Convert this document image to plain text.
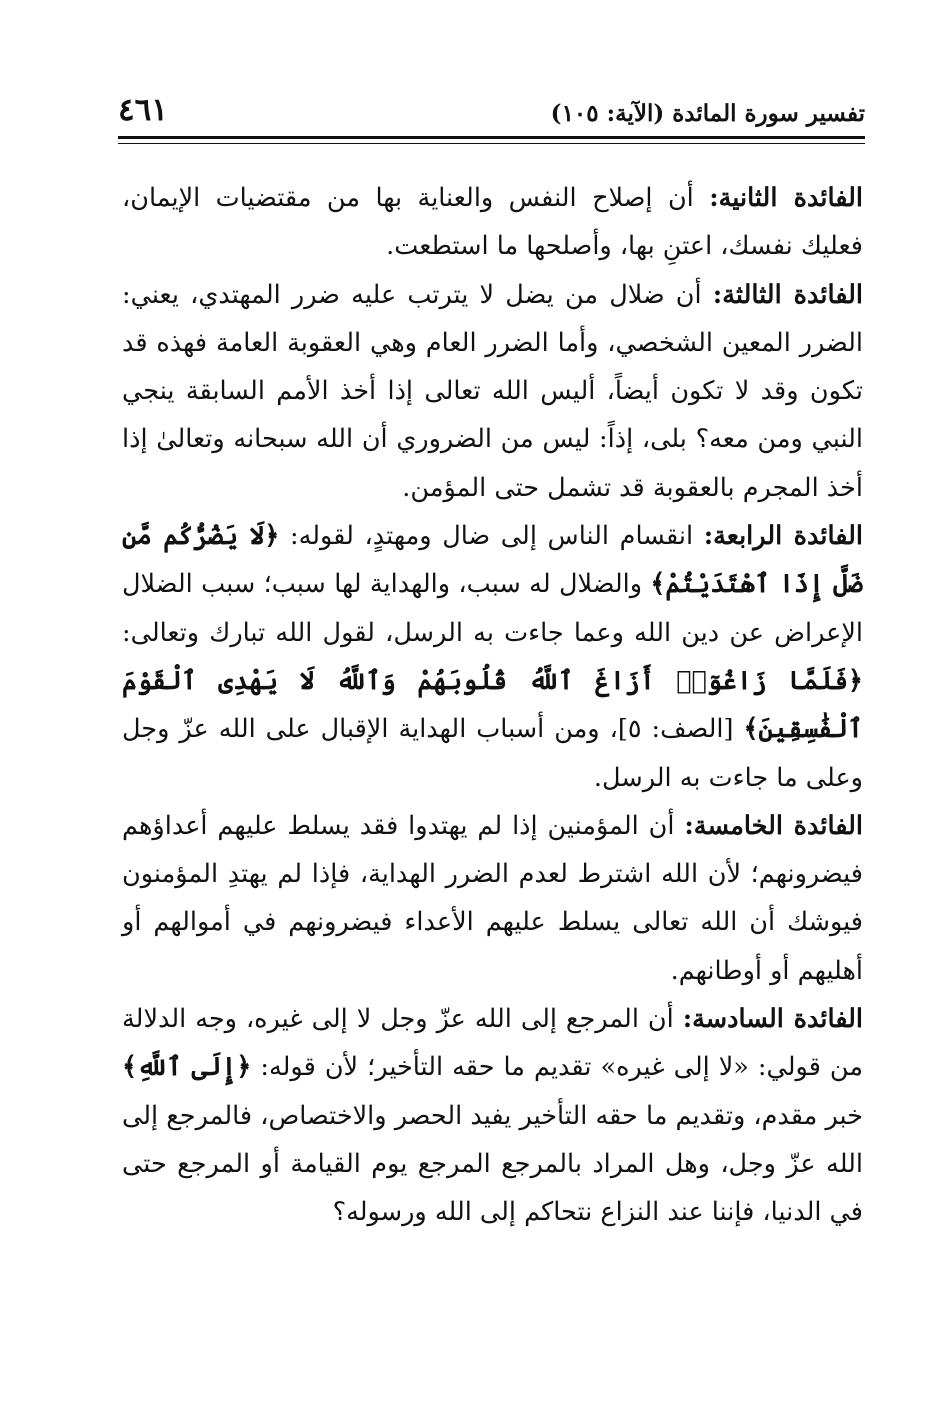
تفسير سورة المائدة (الآية: ١٠٥)
٤٦١

الفائدة الثانية: أن إصلاح النفس والعناية بها من مقتضيات الإيمان، فعليك نفسك، اعتنِ بها، وأصلحها ما استطعت.

الفائدة الثالثة: أن ضلال من يضل لا يترتب عليه ضرر المهتدي، يعني: الضرر المعين الشخصي، وأما الضرر العام وهي العقوبة العامة فهذه قد تكون وقد لا تكون أيضاً، أليس الله تعالى إذا أخذ الأمم السابقة ينجي النبي ومن معه؟ بلى، إذاً: ليس من الضروري أن الله سبحانه وتعالىٰ إذا أخذ المجرم بالعقوبة قد تشمل حتى المؤمن.

الفائدة الرابعة: انقسام الناس إلى ضال ومهتدٍ، لقوله: ﴿لَا يَضُرُّكُم مَّن ضَلَّ إِذَا ٱهْتَدَيْتُمْ﴾ والضلال له سبب، والهداية لها سبب؛ سبب الضلال الإعراض عن دين الله وعما جاءت به الرسل، لقول الله تبارك وتعالى: ﴿فَلَمَّا زَاغُوٓا۟ أَزَاغَ ٱللَّهُ قُلُوبَهُمْ وَٱللَّهُ لَا يَهْدِى ٱلْقَوْمَ ٱلْفَٰسِقِينَ﴾ [الصف: ٥]، ومن أسباب الهداية الإقبال على الله عزّ وجل وعلى ما جاءت به الرسل.

الفائدة الخامسة: أن المؤمنين إذا لم يهتدوا فقد يسلط عليهم أعداؤهم فيضرونهم؛ لأن الله اشترط لعدم الضرر الهداية، فإذا لم يهتدِ المؤمنون فيوشك أن الله تعالى يسلط عليهم الأعداء فيضرونهم في أموالهم أو أهليهم أو أوطانهم.

الفائدة السادسة: أن المرجع إلى الله عزّ وجل لا إلى غيره، وجه الدلالة من قولي: «لا إلى غيره» تقديم ما حقه التأخير؛ لأن قوله: ﴿إِلَى ٱللَّهِ﴾ خبر مقدم، وتقديم ما حقه التأخير يفيد الحصر والاختصاص، فالمرجع إلى الله عزّ وجل، وهل المراد بالمرجع المرجع يوم القيامة أو المرجع حتى في الدنيا، فإننا عند النزاع نتحاكم إلى الله ورسوله؟
